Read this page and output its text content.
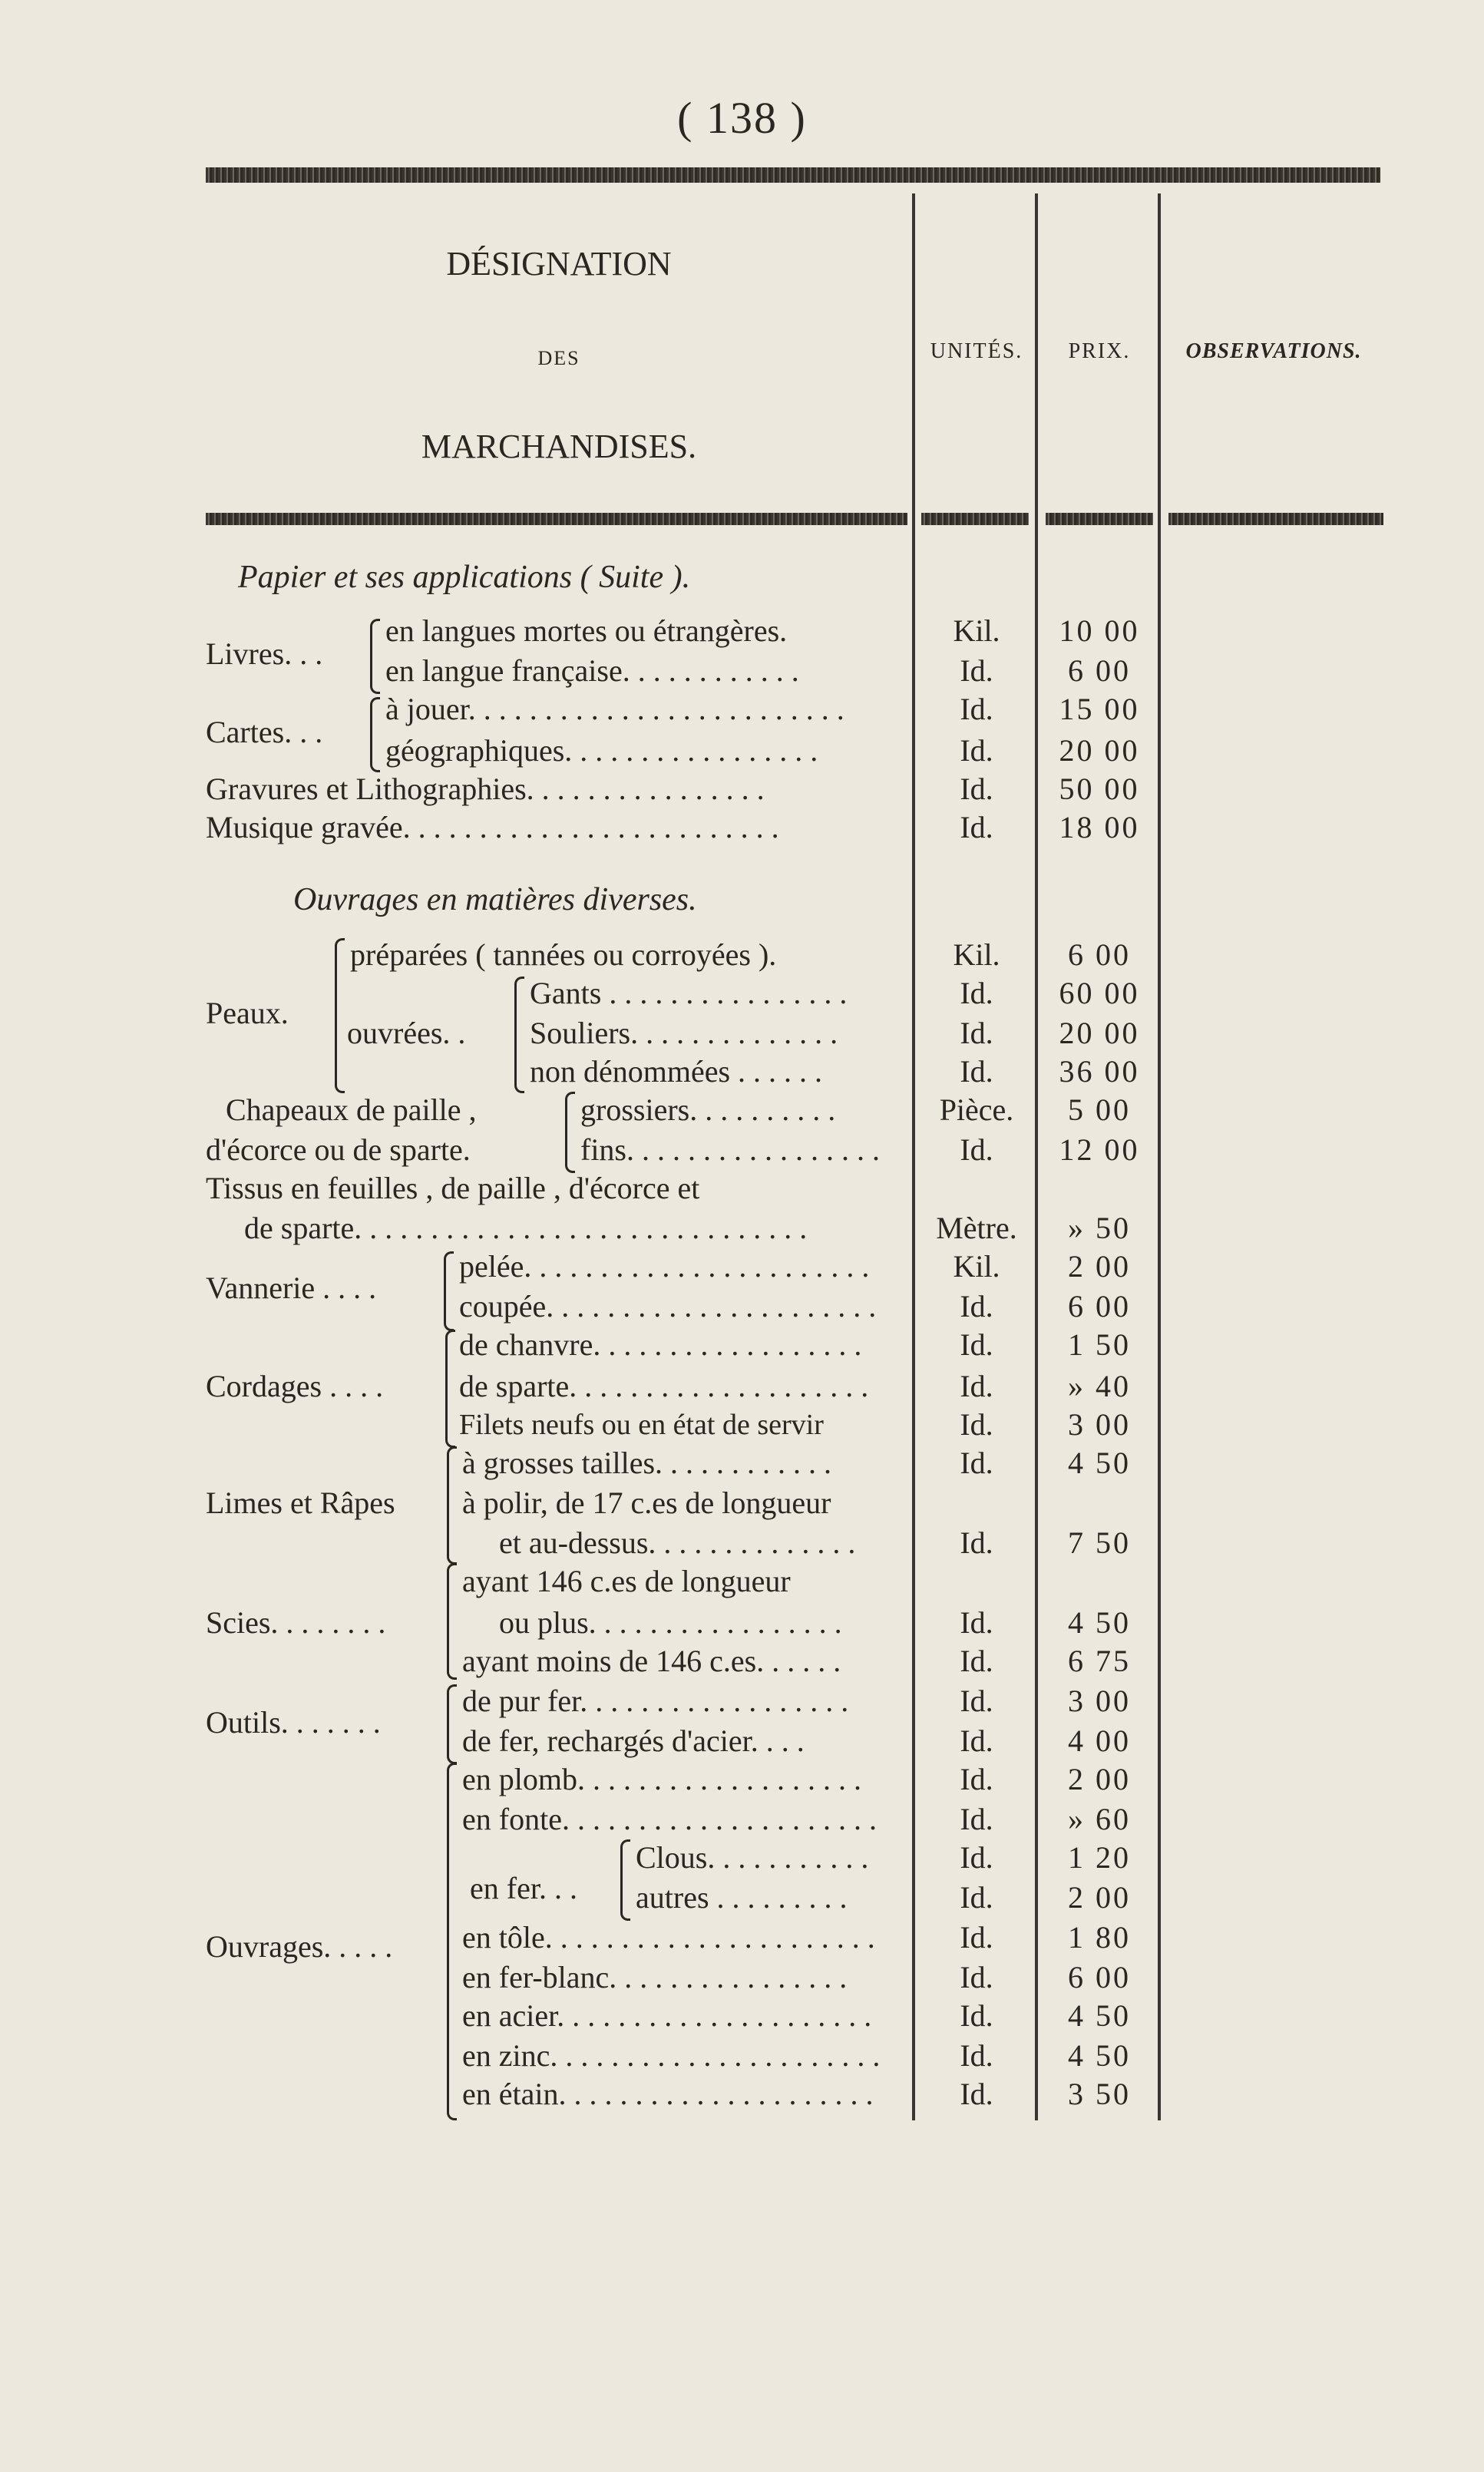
( 138 )
DÉSIGNATION
DES
MARCHANDISES.
UNITÉS.	PRIX.	OBSERVATIONS.
Papier et ses applications ( Suite ).
Ouvrages en matières diverses.
Livres. . .
Cartes. . .
Peaux.
ouvrées. .
Chapeaux de paille ,
d'écorce ou de sparte.
Vannerie . . . .
Cordages . . . .
Limes et Râpes
Scies. . . . . . . .
Outils. . . . . . .
Ouvrages. . . . .
en fer. . .
en langues mortes ou étrangères.
en langue française. . . . . . . . . . . .
à jouer. . . . . . . . . . . . . . . . . . . . . . . . .
géographiques. . . . . . . . . . . . . . . . .
Gravures et Lithographies. . . . . . . . . . . . . . . .
Musique gravée. . . . . . . . . . . . . . . . . . . . . . . . .
préparées ( tannées ou corroyées ).
Gants . . . . . . . . . . . . . . . .
Souliers. . . . . . . . . . . . . .
non dénommées . . . . . .
grossiers. . . . . . . . . .
fins. . . . . . . . . . . . . . . . .
Tissus en feuilles , de paille , d'écorce et
de sparte. . . . . . . . . . . . . . . . . . . . . . . . . . . . . .
pelée. . . . . . . . . . . . . . . . . . . . . . .
coupée. . . . . . . . . . . . . . . . . . . . . .
de chanvre. . . . . . . . . . . . . . . . . .
de sparte. . . . . . . . . . . . . . . . . . . .
Filets neufs ou en état de servir
à grosses tailles. . . . . . . . . . . .
à polir, de 17 c.es de longueur
et au-dessus. . . . . . . . . . . . . .
ayant 146 c.es de longueur
ou plus. . . . . . . . . . . . . . . . .
ayant moins de 146 c.es. . . . . .
de pur fer. . . . . . . . . . . . . . . . . .
de fer, rechargés d'acier. . . .
en plomb. . . . . . . . . . . . . . . . . . .
en fonte. . . . . . . . . . . . . . . . . . . . .
Clous. . . . . . . . . . .
autres . . . . . . . . .
en tôle. . . . . . . . . . . . . . . . . . . . . .
en fer-blanc. . . . . . . . . . . . . . . .
en acier. . . . . . . . . . . . . . . . . . . . .
en zinc. . . . . . . . . . . . . . . . . . . . . .
en étain. . . . . . . . . . . . . . . . . . . . .
Kil.
Id.
Id.
Id.
Id.
Id.
Kil.
Id.
Id.
Id.
Pièce.
Id.
Mètre.
Kil.
Id.
Id.
Id.
Id.
Id.
Id.
Id.
Id.
Id.
Id.
Id.
Id.
Id.
Id.
Id.
Id.
Id.
Id.
Id.
10 00
6 00
15 00
20 00
50 00
18 00
6 00
60 00
20 00
36 00
5 00
12 00
» 50
2 00
6 00
1 50
» 40
3 00
4 50
7 50
4 50
6 75
3 00
4 00
2 00
» 60
1 20
2 00
1 80
6 00
4 50
4 50
3 50
